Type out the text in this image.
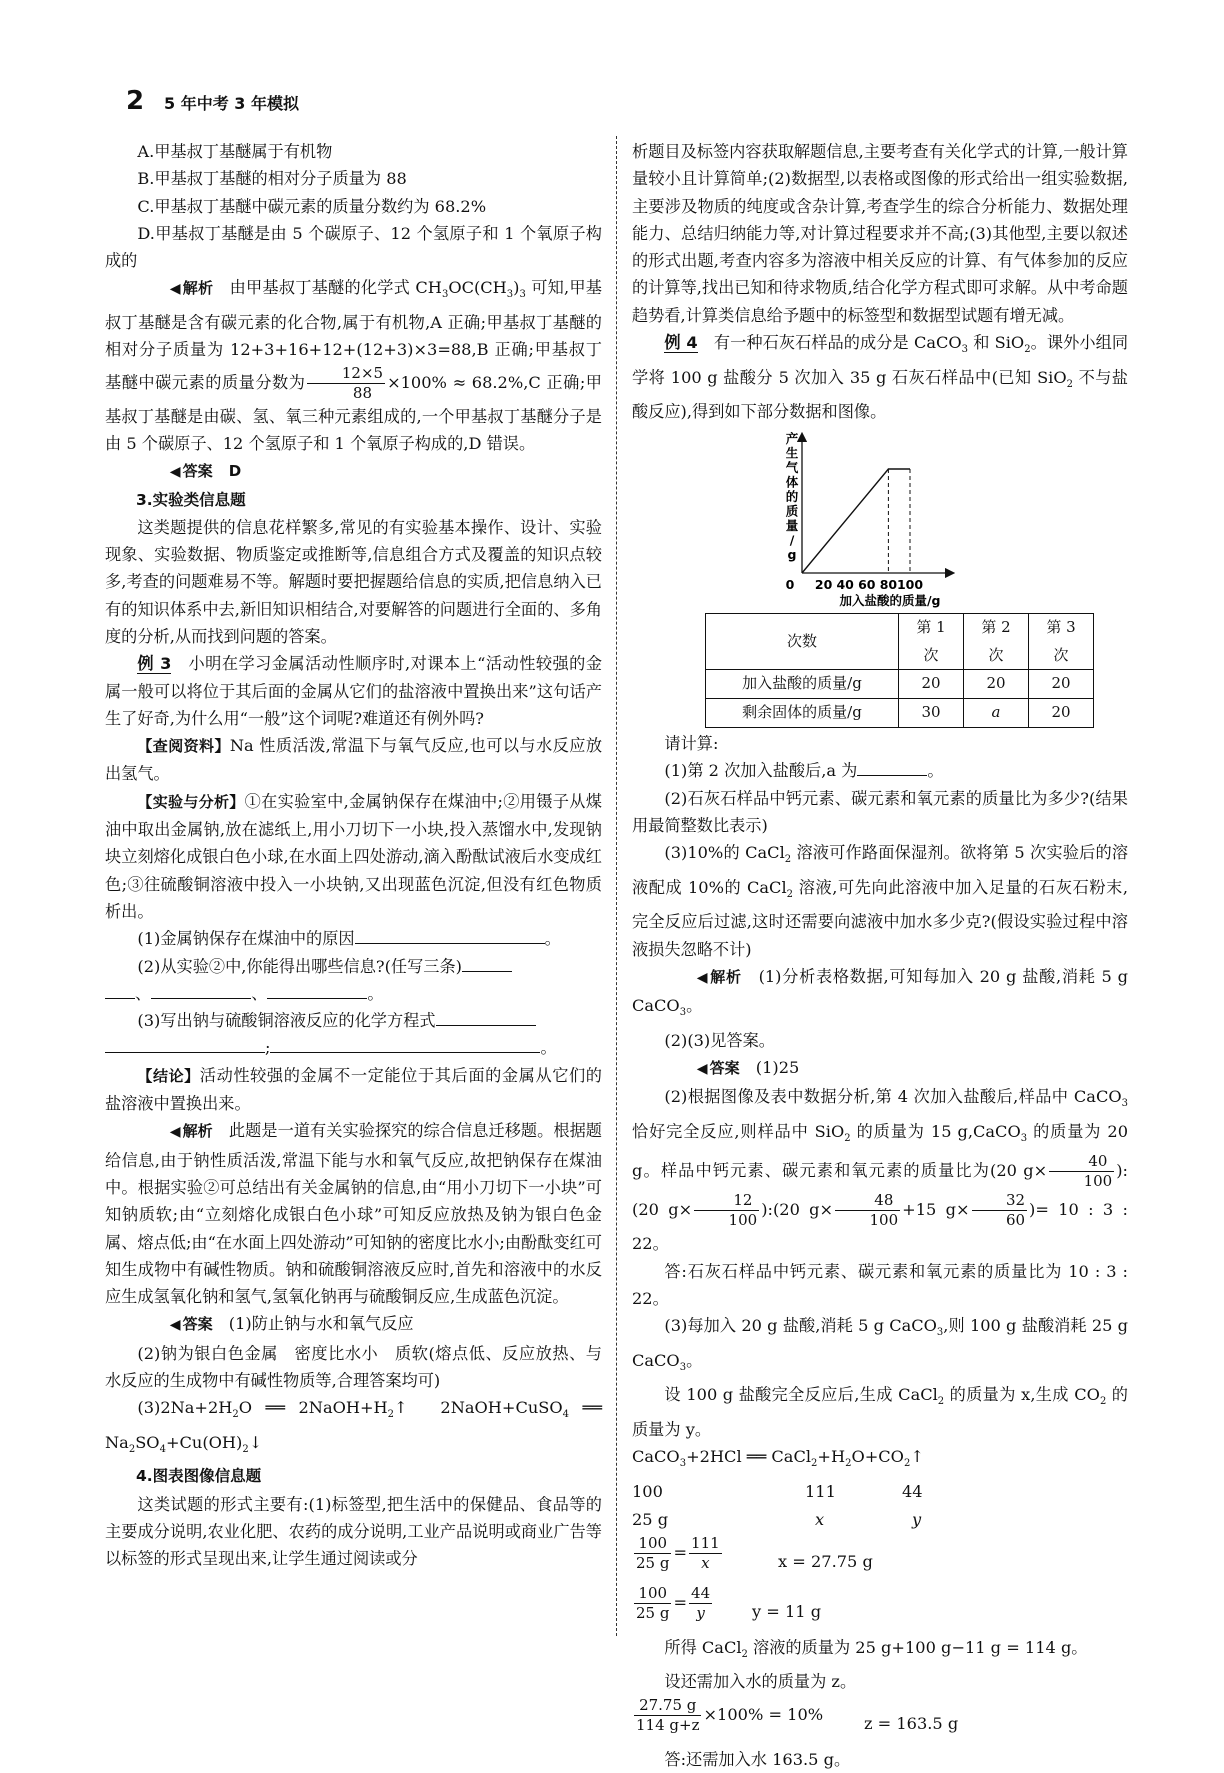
2 5 年中考 3 年模拟

A.甲基叔丁基醚属于有机物

B.甲基叔丁基醚的相对分子质量为 88

C.甲基叔丁基醚中碳元素的质量分数约为 68.2%

D.甲基叔丁基醚是由 5 个碳原子、12 个氢原子和 1 个氧原子构成的

◀ 解析　 由甲基叔丁基醚的化学式 $CH_3OC(CH_3)_3$ 可知,甲基叔丁基醚是含有碳元素的化合物,属于有机物,A 正确;甲基叔丁基醚的相对分子质量为 12+3+16+12+(12+3)×3=88,B 正确;甲基叔丁基醚中碳元素的质量分数为 $\frac{12\times 5}{88} \times 100\% \approx 68.2\%,C$ 正确;甲基叔丁基醚是由碳、氢、氧三种元素组成的,一个甲基叔丁基醚分子是由 5 个碳原子、12 个氢原子和 1 个氧原子构成的,D 错误。

◀ 答案　 D

3.实验类信息题

这类题提供的信息花样繁多,常见的有实验基本操作、设计、实验现象、实验数据、物质鉴定或推断等,信息组合方式及覆盖的知识点较多,考查的问题难易不等。解题时要把握题给信息的实质,把信息纳入已有的知识体系中去,新旧知识相结合,对要解答的问题进行全面的、多角度的分析,从而找到问题的答案。

例 3　 小明在学习金属活动性顺序时,对课本上“活动性较强的金属一般可以将位于其后面的金属从它们的盐溶液中置换出来”这句话产生了好奇,为什么用“一般”这个词呢?难道还有例外吗?

【查阅资料】Na 性质活泼,常温下与氧气反应,也可以与水反应放出氢气。

【实验与分析】①在实验室中,金属钠保存在煤油中;②用镊子从煤油中取出金属钠,放在滤纸上,用小刀切下一小块,投入蒸馏水中,发现钠块立刻熔化成银白色小球,在水面上四处游动,滴入酚酞试液后水变成红色;③往硫酸铜溶液中投入一小块钠,又出现蓝色沉淀,但没有红色物质析出。

(1)金属钠保存在煤油中的原因	。

(2)从实验②中,你能得出哪些信息?(任写三条)
、	、	。

(3)写出钠与硫酸铜溶液反应的化学方程式
;	。

【结论】活动性较强的金属不一定能位于其后面的金属从它们的盐溶液中置换出来。

◀ 解析　 此题是一道有关实验探究的综合信息迁移题。根据题给信息,由于钠性质活泼,常温下能与水和氧气反应,故把钠保存在煤油中。根据实验②可总结出有关金属钠的信息,由“用小刀切下一小块”可知钠质软;由“立刻熔化成银白色小球”可知反应放热及钠为银白色金属、熔点低;由“在水面上四处游动”可知钠的密度比水小;由酚酞变红可知生成物中有碱性物质。钠和硫酸铜溶液反应时,首先和溶液中的水反应生成氢氧化钠和氢气,氢氧化钠再与硫酸铜反应,生成蓝色沉淀。

◀ 答案　 (1)防止钠与水和氧气反应

(2)钠为银白色金属　密度比水小　质软(熔点低、反应放热、与水反应的生成物中有碱性物质等,合理答案均可)

$(3)2Na+2H_2O$ ══ $2NaOH+H_2↑$　2NaOH+CuSO$_4$ ══ $Na_2SO_4+Cu(OH)_2↓$

4.图表图像信息题

这类试题的形式主要有:(1)标签型,把生活中的保健品、食品等的主要成分说明,农业化肥、农药的成分说明,工业产品说明或商业广告等以标签的形式呈现出来,让学生通过阅读或分

析题目及标签内容获取解题信息,主要考查有关化学式的计算,一般计算量较小且计算简单;(2)数据型,以表格或图像的形式给出一组实验数据,主要涉及物质的纯度或含杂计算,考查学生的综合分析能力、数据处理能力、总结归纳能力等,对计算过程要求并不高;(3)其他型,主要以叙述的形式出题,考查内容多为溶液中相关反应的计算、有气体参加的反应的计算等,找出已知和待求物质,结合化学方程式即可求解。从中考命题趋势看,计算类信息给予题中的标签型和数据型试题有增无减。

例 4　 有一种石灰石样品的成分是 CaCO$_3$ 和 SiO$_2$。课外小组同学将 100 g 盐酸分 5 次加入 35 g 石灰石样品中(已知 SiO$_2$ 不与盐酸反应),得到如下部分数据和图像。

产
生
气
体
的
质
量
/
g
0 20 40 60 80 100
加入盐酸的质量/g
次数	第 1 次	第 2 次	第 3 次
加入盐酸的质量/g	20	20	20
剩余固体的质量/g	30	a	20

请计算:

(1)第 2 次加入盐酸后,a 为	。

(2)石灰石样品中钙元素、碳元素和氧元素的质量比为多少?(结果用最简整数比表示)

(3)10%的 CaCl$_2$ 溶液可作路面保湿剂。欲将第 5 次实验后的溶液配成 10%的 CaCl$_2$ 溶液,可先向此溶液中加入足量的石灰石粉末,完全反应后过滤,这时还需要向滤液中加水多少克?(假设实验过程中溶液损失忽略不计)

◀ 解析　 (1)分析表格数据,可知每加入 20 g 盐酸,消耗 5 g CaCO$_3$。

(2)(3)见答案。

◀ 答案　 (1)25

(2)根据图像及表中数据分析,第 4 次加入盐酸后,样品中 CaCO$_3$ 恰好完全反应,则样品中 SiO$_2$ 的质量为 15 g,CaCO$_3$ 的质量为 20 g。样品中钙元素、碳元素和氧元素的质量比为(20 $g\times \frac{40}{100}$ ):(20 $g\times \frac{12}{100}$ ):(20 $g\times \frac{48}{100} +15$ $g\times \frac{32}{60}$ )= 10 : 3 : 22。

答:石灰石样品中钙元素、碳元素和氧元素的质量比为 10 : 3 : 22。

(3)每加入 20 g 盐酸,消耗 5 g CaCO$_3$,则 100 g 盐酸消耗 25 g CaCO$_3$。

设 100 g 盐酸完全反应后,生成 CaCl$_2$ 的质量为 x,生成 $CO_2$ 的质量为 y。

CaCO$_3$+2HCl ══ $CaCl_2+H_2O+CO_2↑$

100	111	44
25 g	x	y
$\frac{100}{25 g} = \frac{111}{x}$	x = 27.75 g
$\frac{100}{25 g} = \frac{44}{y}$ y = 11 g

所得 CaCl$_2$ 溶液的质量为 25 g+100 g−11 g = 114 g。

设还需加入水的质量为 z。

$\frac{27.75 g}{114 g+z} \times 100\% = 10\%$	z = 163.5 g

答:还需加入水 163.5 g。
